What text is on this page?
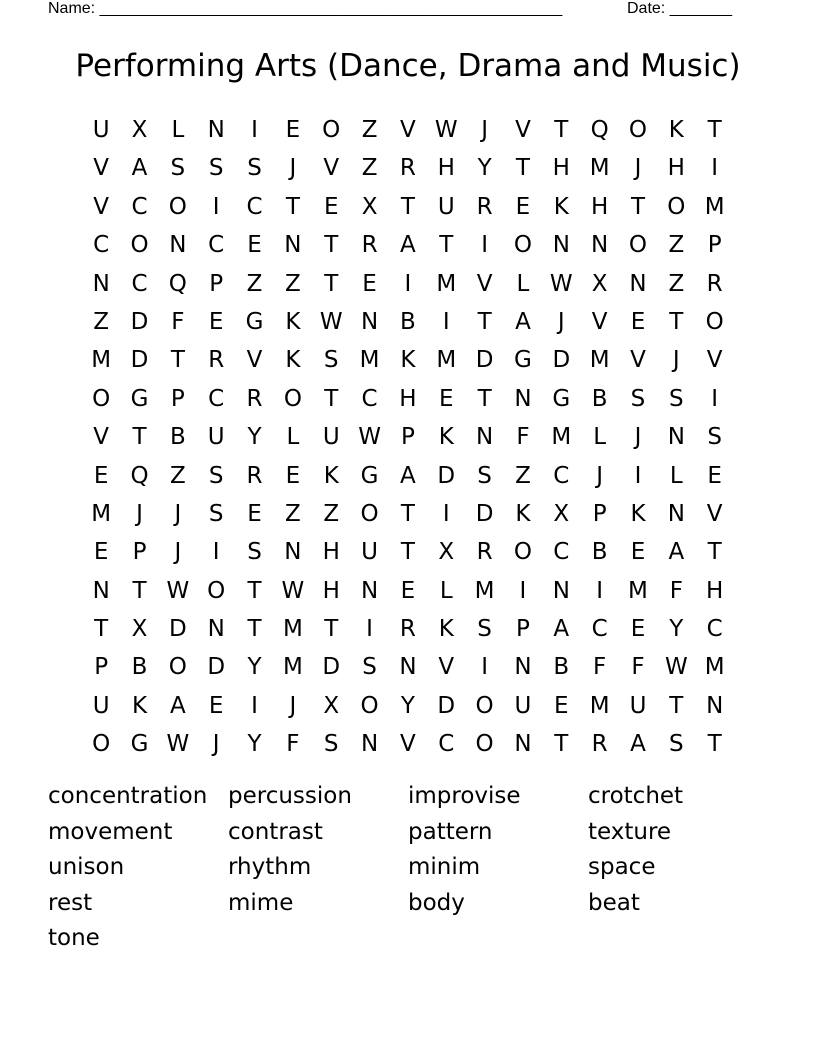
Name: ____________________________________________________	Date: _______
Performing Arts (Dance, Drama and Music)
U X	L	N	I	E O Z V W	J	V	T Q O K	T
V A	S	S	S	J	V Z R H Y	T H M	J	H	I
V C O	I	C	T	E	X	T U R	E	K H T O M
C O N C	E N T	R A	T	I	O N N O Z	P
N C Q P	Z Z	T	E	I	M V	L W X N Z R
Z D F	E G K W N B	I	T	A	J	V	E	T O
M D T	R V K	S M K M D G D M V	J	V
O G P	C R O T	C H E	T N G B	S	S	I
V	T	B U Y	L	U W P	K N	F M L	J	N S
E Q Z	S	R	E	K G A D S	Z C	J	I	L	E
M	J	J	S	E	Z Z O T	I	D K X	P	K N V
E	P	J	I	S N H U T	X R O C B	E	A	T
N T W O T W H N E	L M	I	N	I	M F	H
T	X D N T M T	I	R K	S	P	A C	E	Y	C
P	B O D Y M D S N V	I	N B	F	F W M
U K A	E	I	J	X O Y D O U E M U T N
O G W	J	Y	F	S N V C O N T	R A	S	T
concentration percussion	improvise	crotchet
movement	contrast	pattern	texture
unison	rhythm	minim	space
rest	mime	body	beat
tone
